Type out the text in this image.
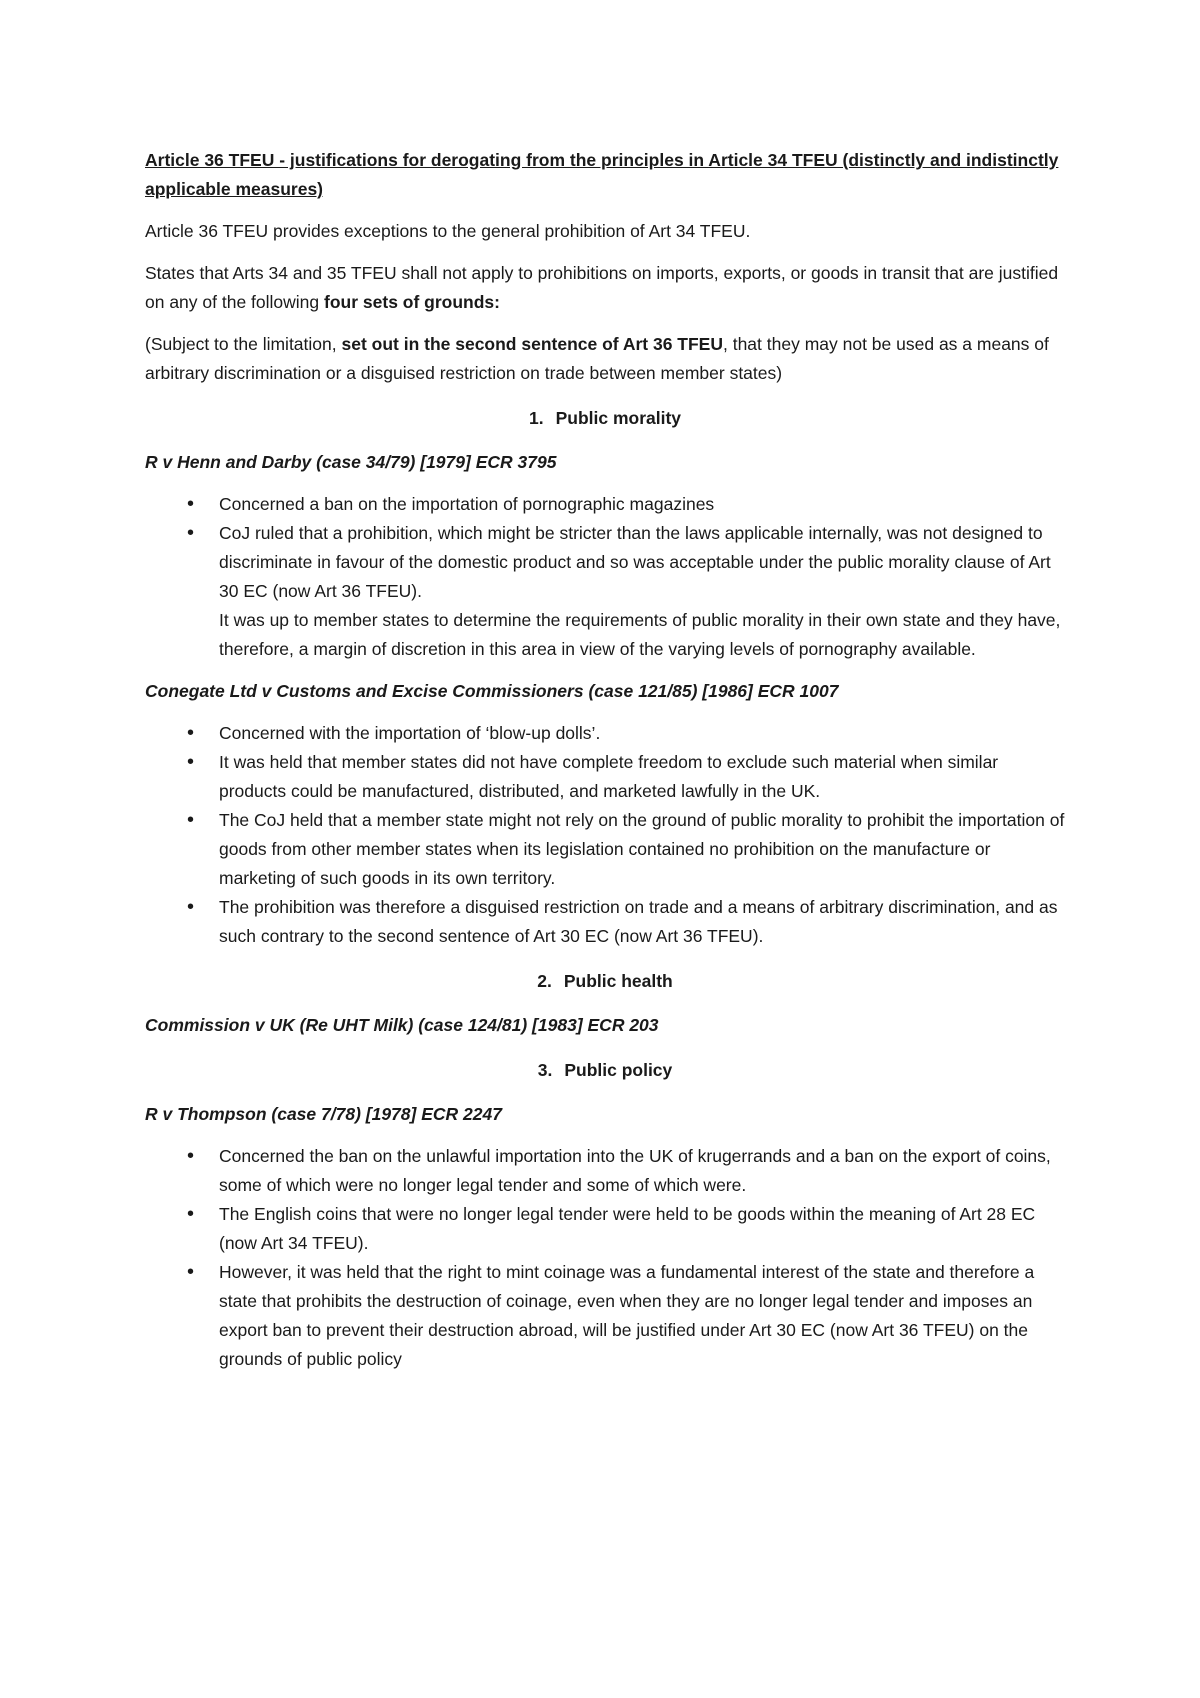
Article 36 TFEU - justifications for derogating from the principles in Article 34 TFEU (distinctly and indistinctly applicable measures)

Article 36 TFEU provides exceptions to the general prohibition of Art 34 TFEU.

States that Arts 34 and 35 TFEU shall not apply to prohibitions on imports, exports, or goods in transit that are justified on any of the following four sets of grounds:

(Subject to the limitation, set out in the second sentence of Art 36 TFEU, that they may not be used as a means of arbitrary discrimination or a disguised restriction on trade between member states)

1. Public morality
R v Henn and Darby (case 34/79) [1979] ECR 3795
• Concerned a ban on the importation of pornographic magazines
• CoJ ruled that a prohibition, which might be stricter than the laws applicable internally, was not designed to discriminate in favour of the domestic product and so was acceptable under the public morality clause of Art 30 EC (now Art 36 TFEU).

It was up to member states to determine the requirements of public morality in their own state and they have, therefore, a margin of discretion in this area in view of the varying levels of pornography available.

Conegate Ltd v Customs and Excise Commissioners (case 121/85) [1986] ECR 1007
• Concerned with the importation of ‘blow-up dolls’.
• It was held that member states did not have complete freedom to exclude such material when similar products could be manufactured, distributed, and marketed lawfully in the UK.
• The CoJ held that a member state might not rely on the ground of public morality to prohibit the importation of goods from other member states when its legislation contained no prohibition on the manufacture or marketing of such goods in its own territory.
• The prohibition was therefore a disguised restriction on trade and a means of arbitrary discrimination, and as such contrary to the second sentence of Art 30 EC (now Art 36 TFEU).
2. Public health
Commission v UK (Re UHT Milk) (case 124/81) [1983] ECR 203
3. Public policy
R v Thompson (case 7/78) [1978] ECR 2247
• Concerned the ban on the unlawful importation into the UK of krugerrands and a ban on the export of coins, some of which were no longer legal tender and some of which were.
• The English coins that were no longer legal tender were held to be goods within the meaning of Art 28 EC (now Art 34 TFEU).
• However, it was held that the right to mint coinage was a fundamental interest of the state and therefore a state that prohibits the destruction of coinage, even when they are no longer legal tender and imposes an export ban to prevent their destruction abroad, will be justified under Art 30 EC (now Art 36 TFEU) on the grounds of public policy
